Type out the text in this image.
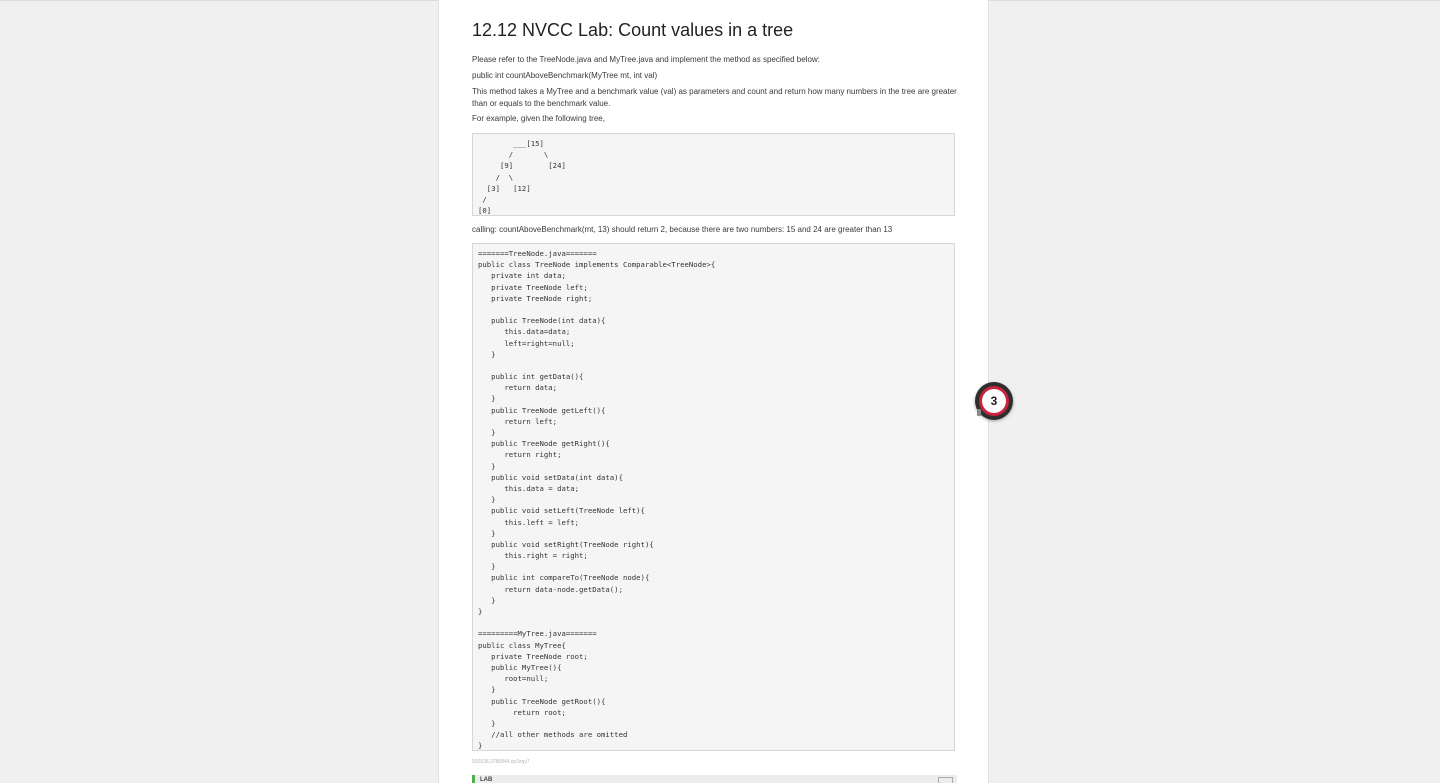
12.12 NVCC Lab: Count values in a tree

Please refer to the TreeNode.java and MyTree.java and implement the method as specified below:

public int countAboveBenchmark(MyTree mt, int val)

This method takes a MyTree and a benchmark value (val) as parameters and count and return how many numbers in the tree are greater than or equals to the benchmark value.

For example, given the following tree,

___[15]
/       \
[9]        [24]
/  \
[3]   [12]
/
[0]

calling: countAboveBenchmark(mt, 13) should return 2, because there are two numbers: 15 and 24 are greater than 13

=======TreeNode.java=======
public class TreeNode implements Comparable<TreeNode>{
private int data;
private TreeNode left;
private TreeNode right;

public TreeNode(int data){
this.data=data;
left=right=null;
}

public int getData(){
return data;
}
public TreeNode getLeft(){
return left;
}
public TreeNode getRight(){
return right;
}
public void setData(int data){
this.data = data;
}
public void setLeft(TreeNode left){
this.left = left;
}
public void setRight(TreeNode right){
this.right = right;
}
public int compareTo(TreeNode node){
return data-node.getData();
}
}

=========MyTree.java=======
public class MyTree{
private TreeNode root;
public MyTree(){
root=null;
}
public TreeNode getRoot(){
return root;
}
//all other methods are omitted
}
502038.3785844.qx3zqy7
LAB
3
